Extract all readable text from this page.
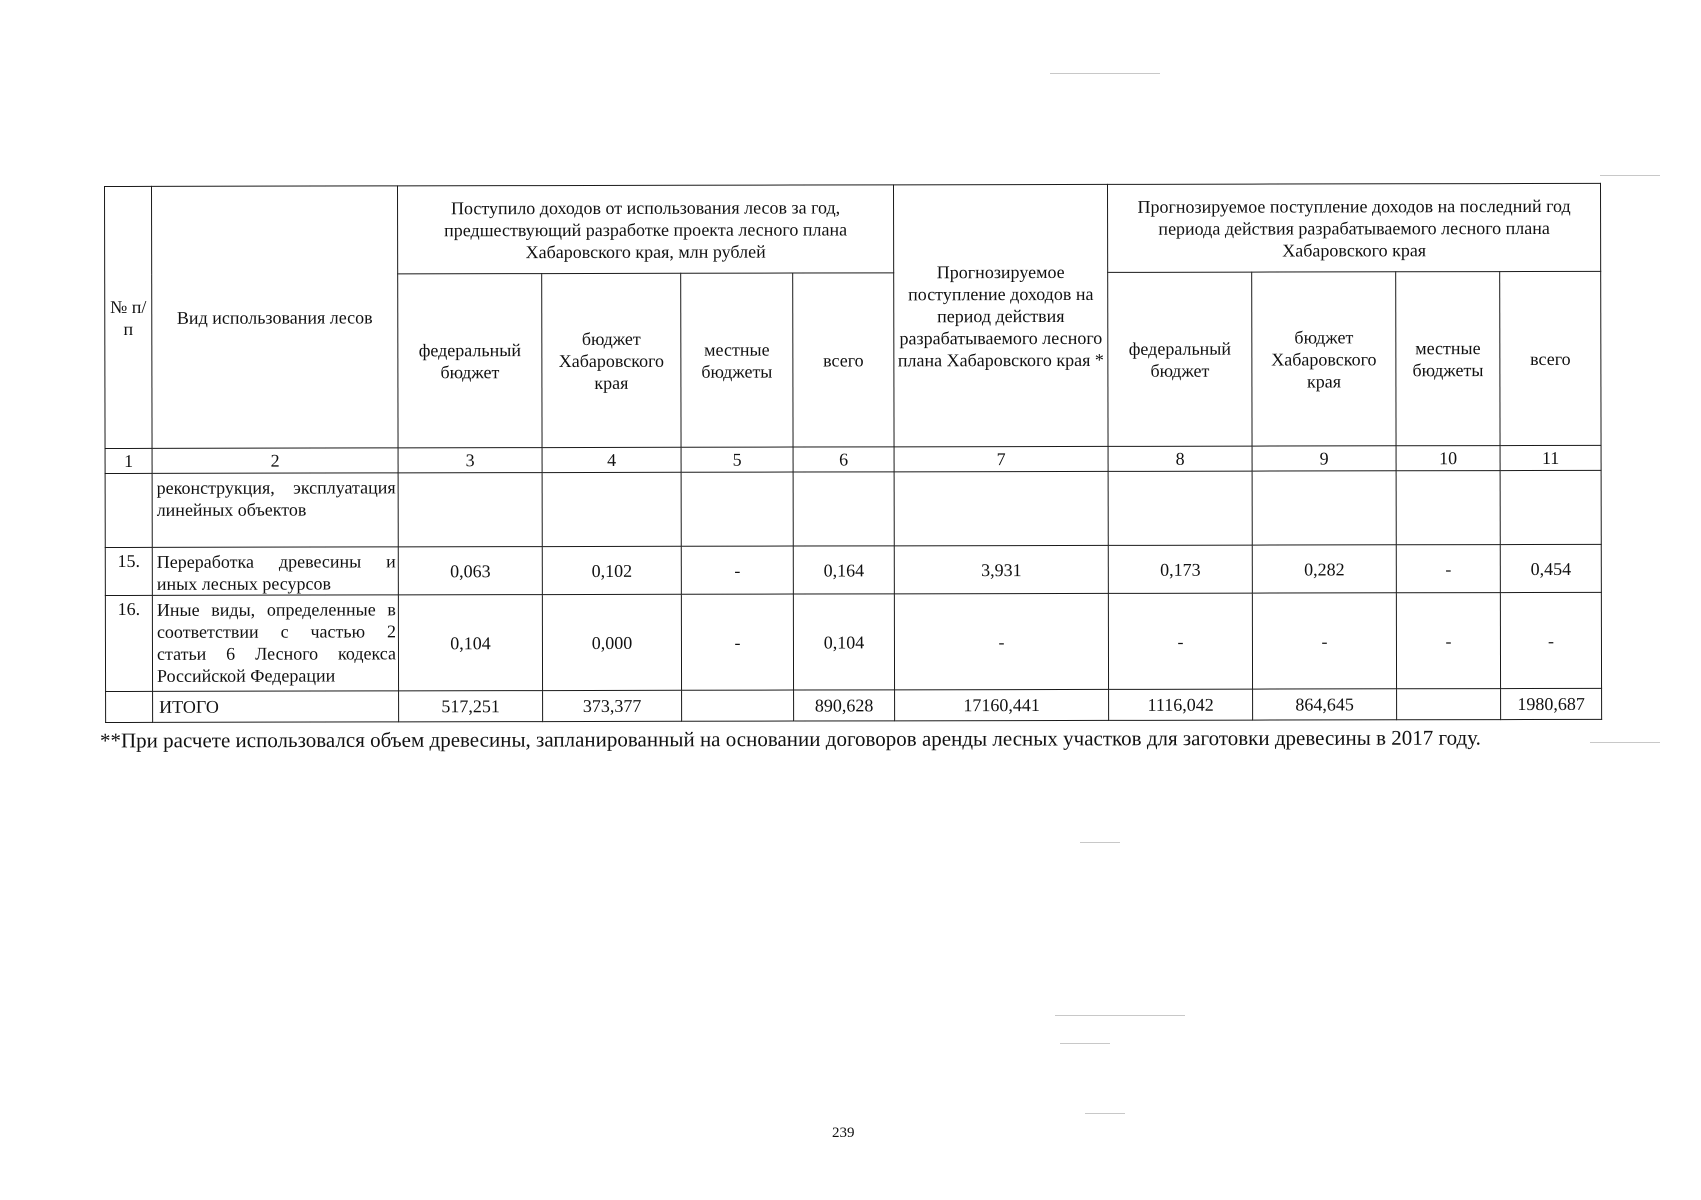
№ п/п	Вид использования лесов	Поступило доходов от использования лесов за год, предшествующий разработке проекта лесного плана Хабаровского края, млн рублей				Прогнозируемое поступление доходов на период действия разрабатываемого лесного плана Хабаровского края *	Прогнозируемое поступление доходов на последний год периода действия разрабатываемого лесного плана Хабаровского края			
		федеральный бюджет	бюджет Хабаровского края	местные бюджеты	всего		федеральный бюджет	бюджет Хабаровского края	местные бюджеты	всего
1	2	3	4	5	6	7	8	9	10	11
	реконструкция, эксплуатация линейных объектов									
15.	Переработка древесины и иных лесных ресурсов	0,063	0,102	-	0,164	3,931	0,173	0,282	-	0,454
16.	Иные виды, определенные в соответствии с частью 2 статьи 6 Лесного кодекса Российской Федерации	0,104	0,000	-	0,104	-	-	-	-	-
	ИТОГО	517,251	373,377		890,628	17160,441	1116,042	864,645		1980,687
**При расчете использовался объем древесины, запланированный на основании договоров аренды лесных участков для заготовки древесины в 2017 году.
239
